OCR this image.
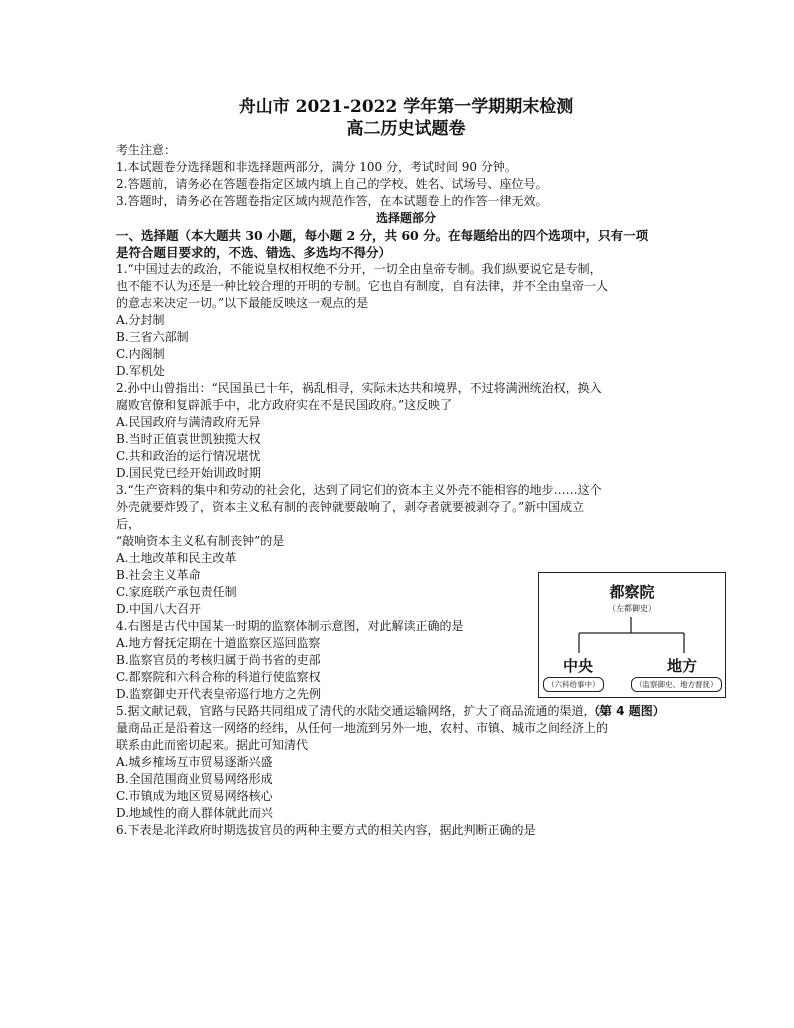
舟山市 2021-2022 学年第一学期期末检测
高二历史试题卷
考生注意：
1.本试题卷分选择题和非选择题两部分，满分 100 分，考试时间 90 分钟。
2.答题前，请务必在答题卷指定区域内填上自己的学校、姓名、试场号、座位号。
3.答题时，请务必在答题卷指定区域内规范作答，在本试题卷上的作答一律无效。
选择题部分
一、选择题（本大题共 30 小题，每小题 2 分，共 60 分。在每题给出的四个选项中，只有一项
是符合题目要求的，不选、错选、多选均不得分）
1.“中国过去的政治，不能说皇权相权绝不分开，一切全由皇帝专制。我们纵要说它是专制，
也不能不认为还是一种比较合理的开明的专制。它也自有制度，自有法律，并不全由皇帝一人
的意志来决定一切。”以下最能反映这一观点的是
A.分封制
B.三省六部制
C.内阁制
D.军机处
2.孙中山曾指出：“民国虽已十年，祸乱相寻，实际未达共和境界，不过将满洲统治权，换入
腐败官僚和复辟派手中，北方政府实在不是民国政府。”这反映了
A.民国政府与满清政府无异
B.当时正值袁世凯独揽大权
C.共和政治的运行情况堪忧
D.国民党已经开始训政时期
3.“生产资料的集中和劳动的社会化，达到了同它们的资本主义外壳不能相容的地步……这个
外壳就要炸毁了，资本主义私有制的丧钟就要敲响了，剥夺者就要被剥夺了。”新中国成立
后，
“敲响资本主义私有制丧钟”的是
A.土地改革和民主改革
B.社会主义革命
C.家庭联产承包责任制
D.中国八大召开
4.右图是古代中国某一时期的监察体制示意图，对此解读正确的是
A.地方督抚定期在十道监察区巡回监察
B.监察官员的考核归属于尚书省的吏部
C.都察院和六科合称的科道行使监察权
D.监察御史开代表皇帝巡行地方之先例
5.据文献记载，官路与民路共同组成了清代的水陆交通运输网络，扩大了商品流通的渠道，大
量商品正是沿着这一网络的经纬，从任何一地流到另外一地，农村、市镇、城市之间经济上的
联系由此而密切起来。据此可知清代
A.城乡榷场互市贸易逐渐兴盛
B.全国范围商业贸易网络形成
C.市镇成为地区贸易网络核心
D.地域性的商人群体就此而兴
6.下表是北洋政府时期选拔官员的两种主要方式的相关内容，据此判断正确的是
都察院
（左都御史）
中央
（六科给事中）
地方
（监察御史、地方督抚）
（第 4 题图）
